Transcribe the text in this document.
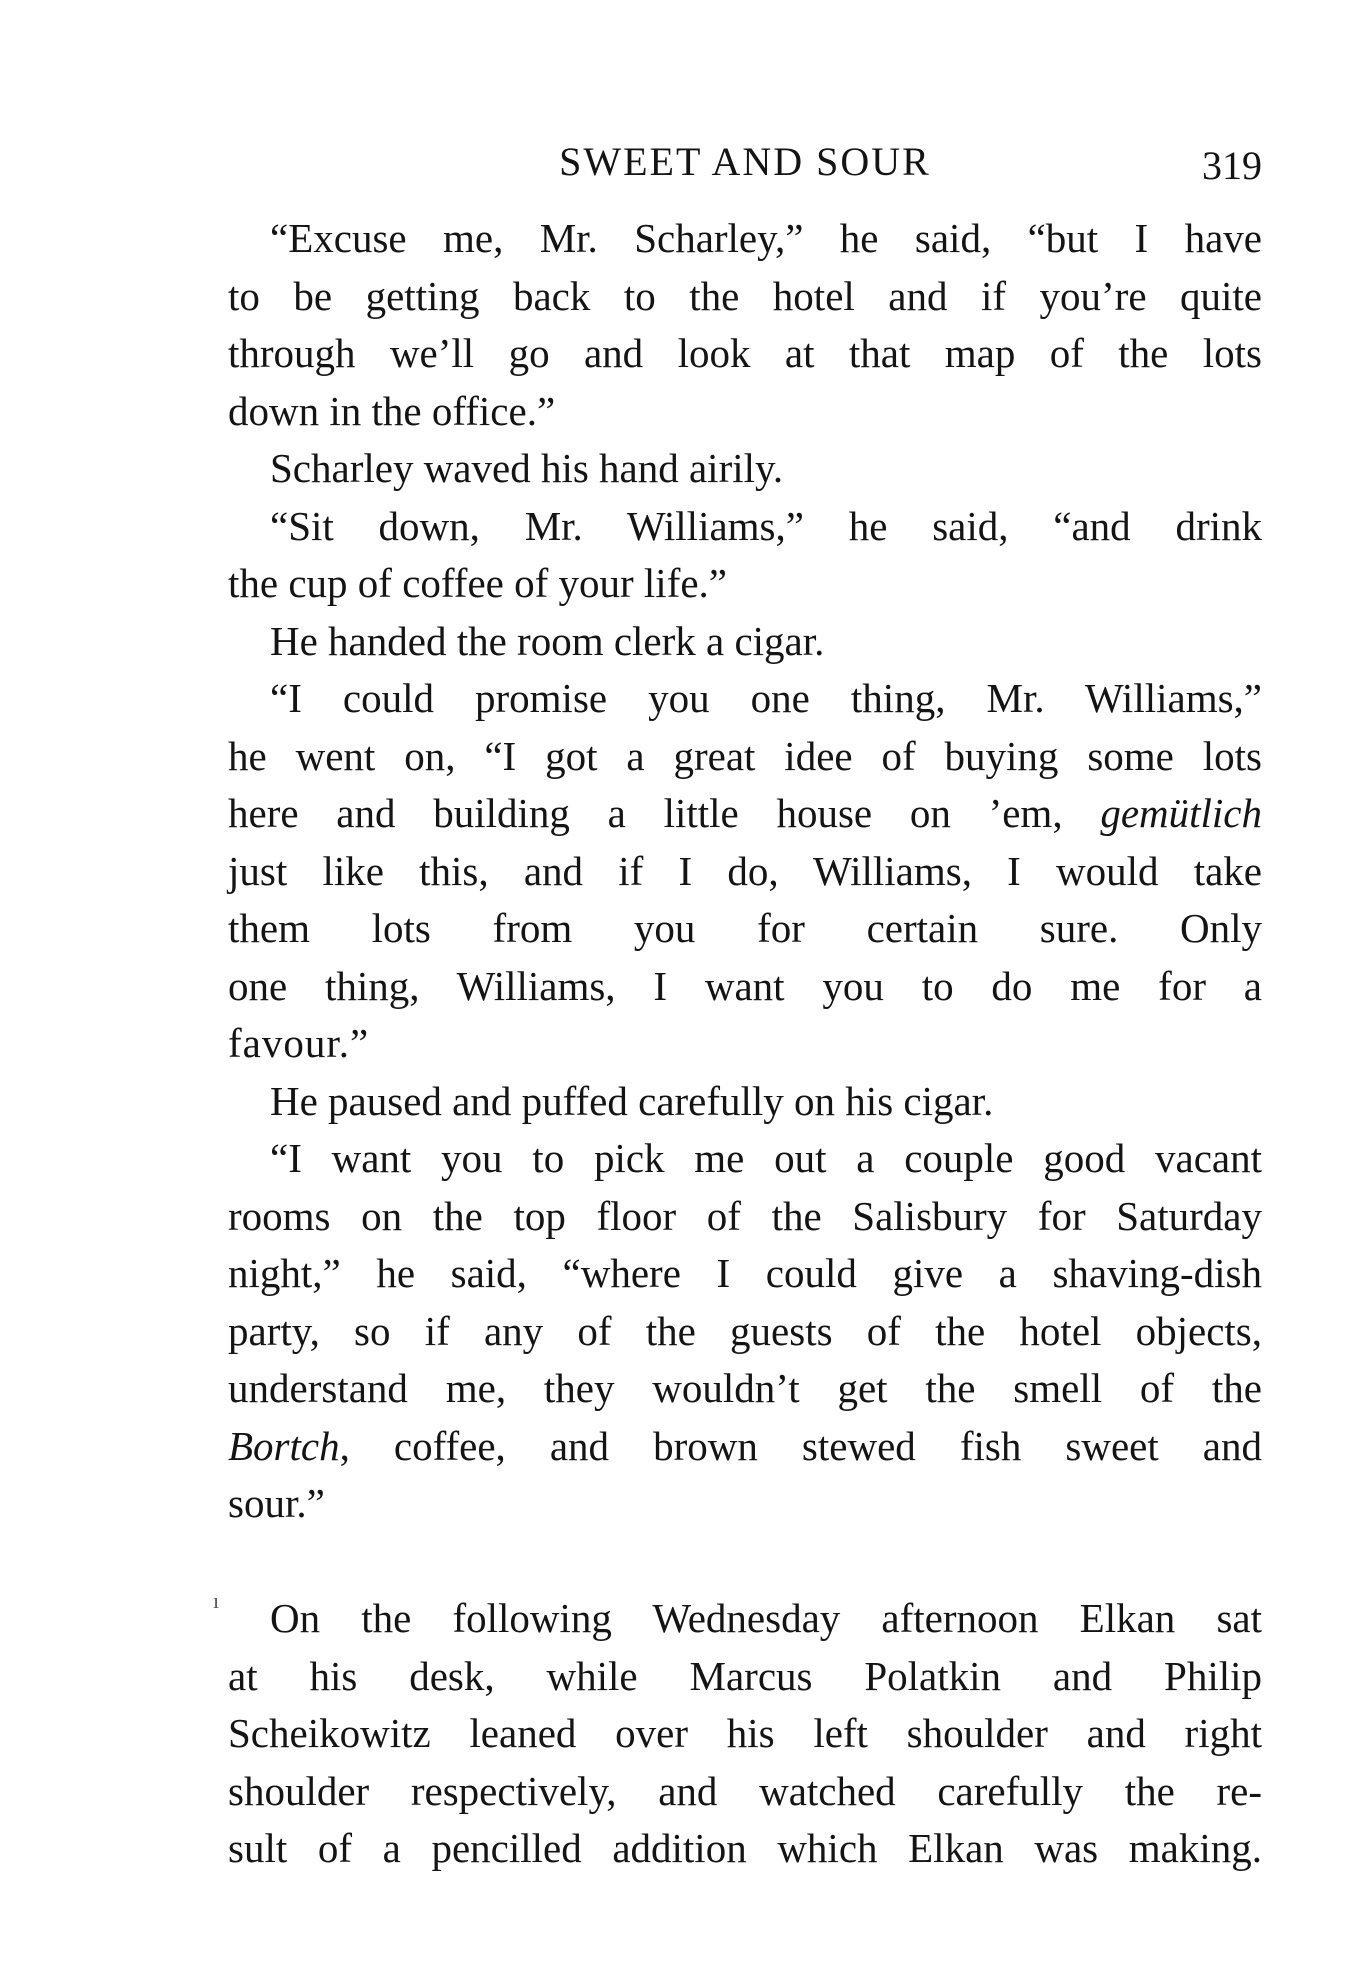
SWEET AND SOUR	319
ı
“Excuse me, Mr. Scharley,” he said, “but I have
to be getting back to the hotel and if you’re quite
through we’ll go and look at that map of the lots
down in the office.”
Scharley waved his hand airily.
“Sit down, Mr. Williams,” he said, “and drink
the cup of coffee of your life.”
He handed the room clerk a cigar.
“I could promise you one thing, Mr. Williams,”
he went on, “I got a great idee of buying some lots
here and building a little house on ’em, gemütlich
just like this, and if I do, Williams, I would take
them lots from you for certain sure. Only
one thing, Williams, I want you to do me for a
favour.”
He paused and puffed carefully on his cigar.
“I want you to pick me out a couple good vacant
rooms on the top floor of the Salisbury for Saturday
night,” he said, “where I could give a shaving-dish
party, so if any of the guests of the hotel objects,
understand me, they wouldn’t get the smell of the
Bortch, coffee, and brown stewed fish sweet and
sour.”
On the following Wednesday afternoon Elkan sat
at his desk, while Marcus Polatkin and Philip
Scheikowitz leaned over his left shoulder and right
shoulder respectively, and watched carefully the re-
sult of a pencilled addition which Elkan was making.
